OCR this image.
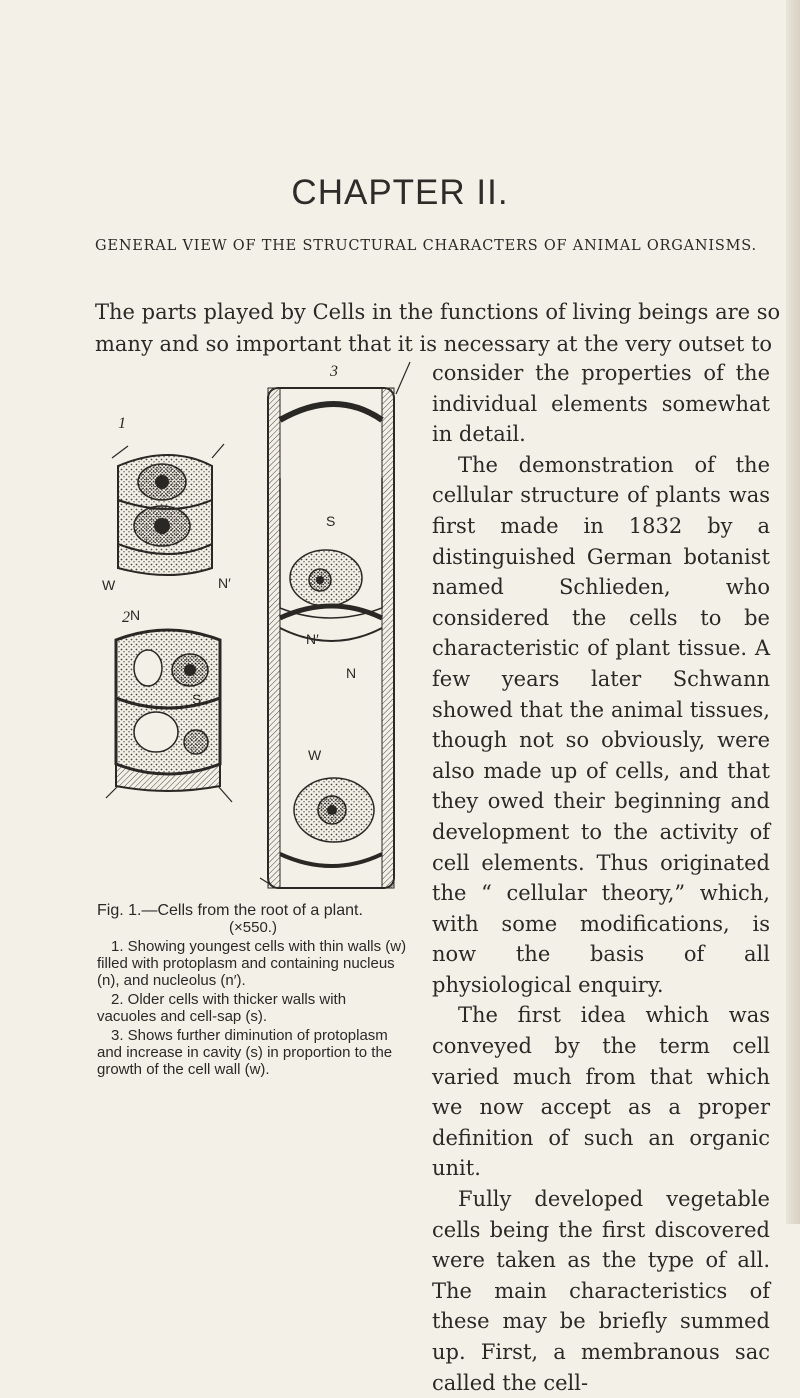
CHAPTER II.
GENERAL VIEW OF THE STRUCTURAL CHARACTERS OF ANIMAL ORGANISMS.
The parts played by Cells in the functions of living beings are so
many and so important that it is necessary at the very outset to
1
2
3
W	N′
N
S
N′
N
W
S
Fig. 1.—Cells from the root of a plant.
(×550.)
1. Showing youngest cells with thin walls (w) filled with protoplasm and containing nucleus (n), and nucleolus (n′).
2. Older cells with thicker walls with vacuoles and cell-sap (s).
3. Shows further diminution of protoplasm and increase in cavity (s) in proportion to the growth of the cell wall (w).

consider the properties of the individual elements somewhat in detail.

The demonstration of the cellular structure of plants was first made in 1832 by a distinguished German botanist named Schlieden, who considered the cells to be characteristic of plant tissue. A few years later Schwann showed that the animal tissues, though not so obviously, were also made up of cells, and that they owed their beginning and development to the activity of cell elements. Thus originated the “ cellular theory,” which, with some modifications, is now the basis of all physiological enquiry.

The first idea which was conveyed by the term cell varied much from that which we now accept as a proper definition of such an organic unit.

Fully developed vegetable cells being the first discovered were taken as the type of all. The main characteristics of these may be briefly summed up. First, a membranous sac called the cell-
